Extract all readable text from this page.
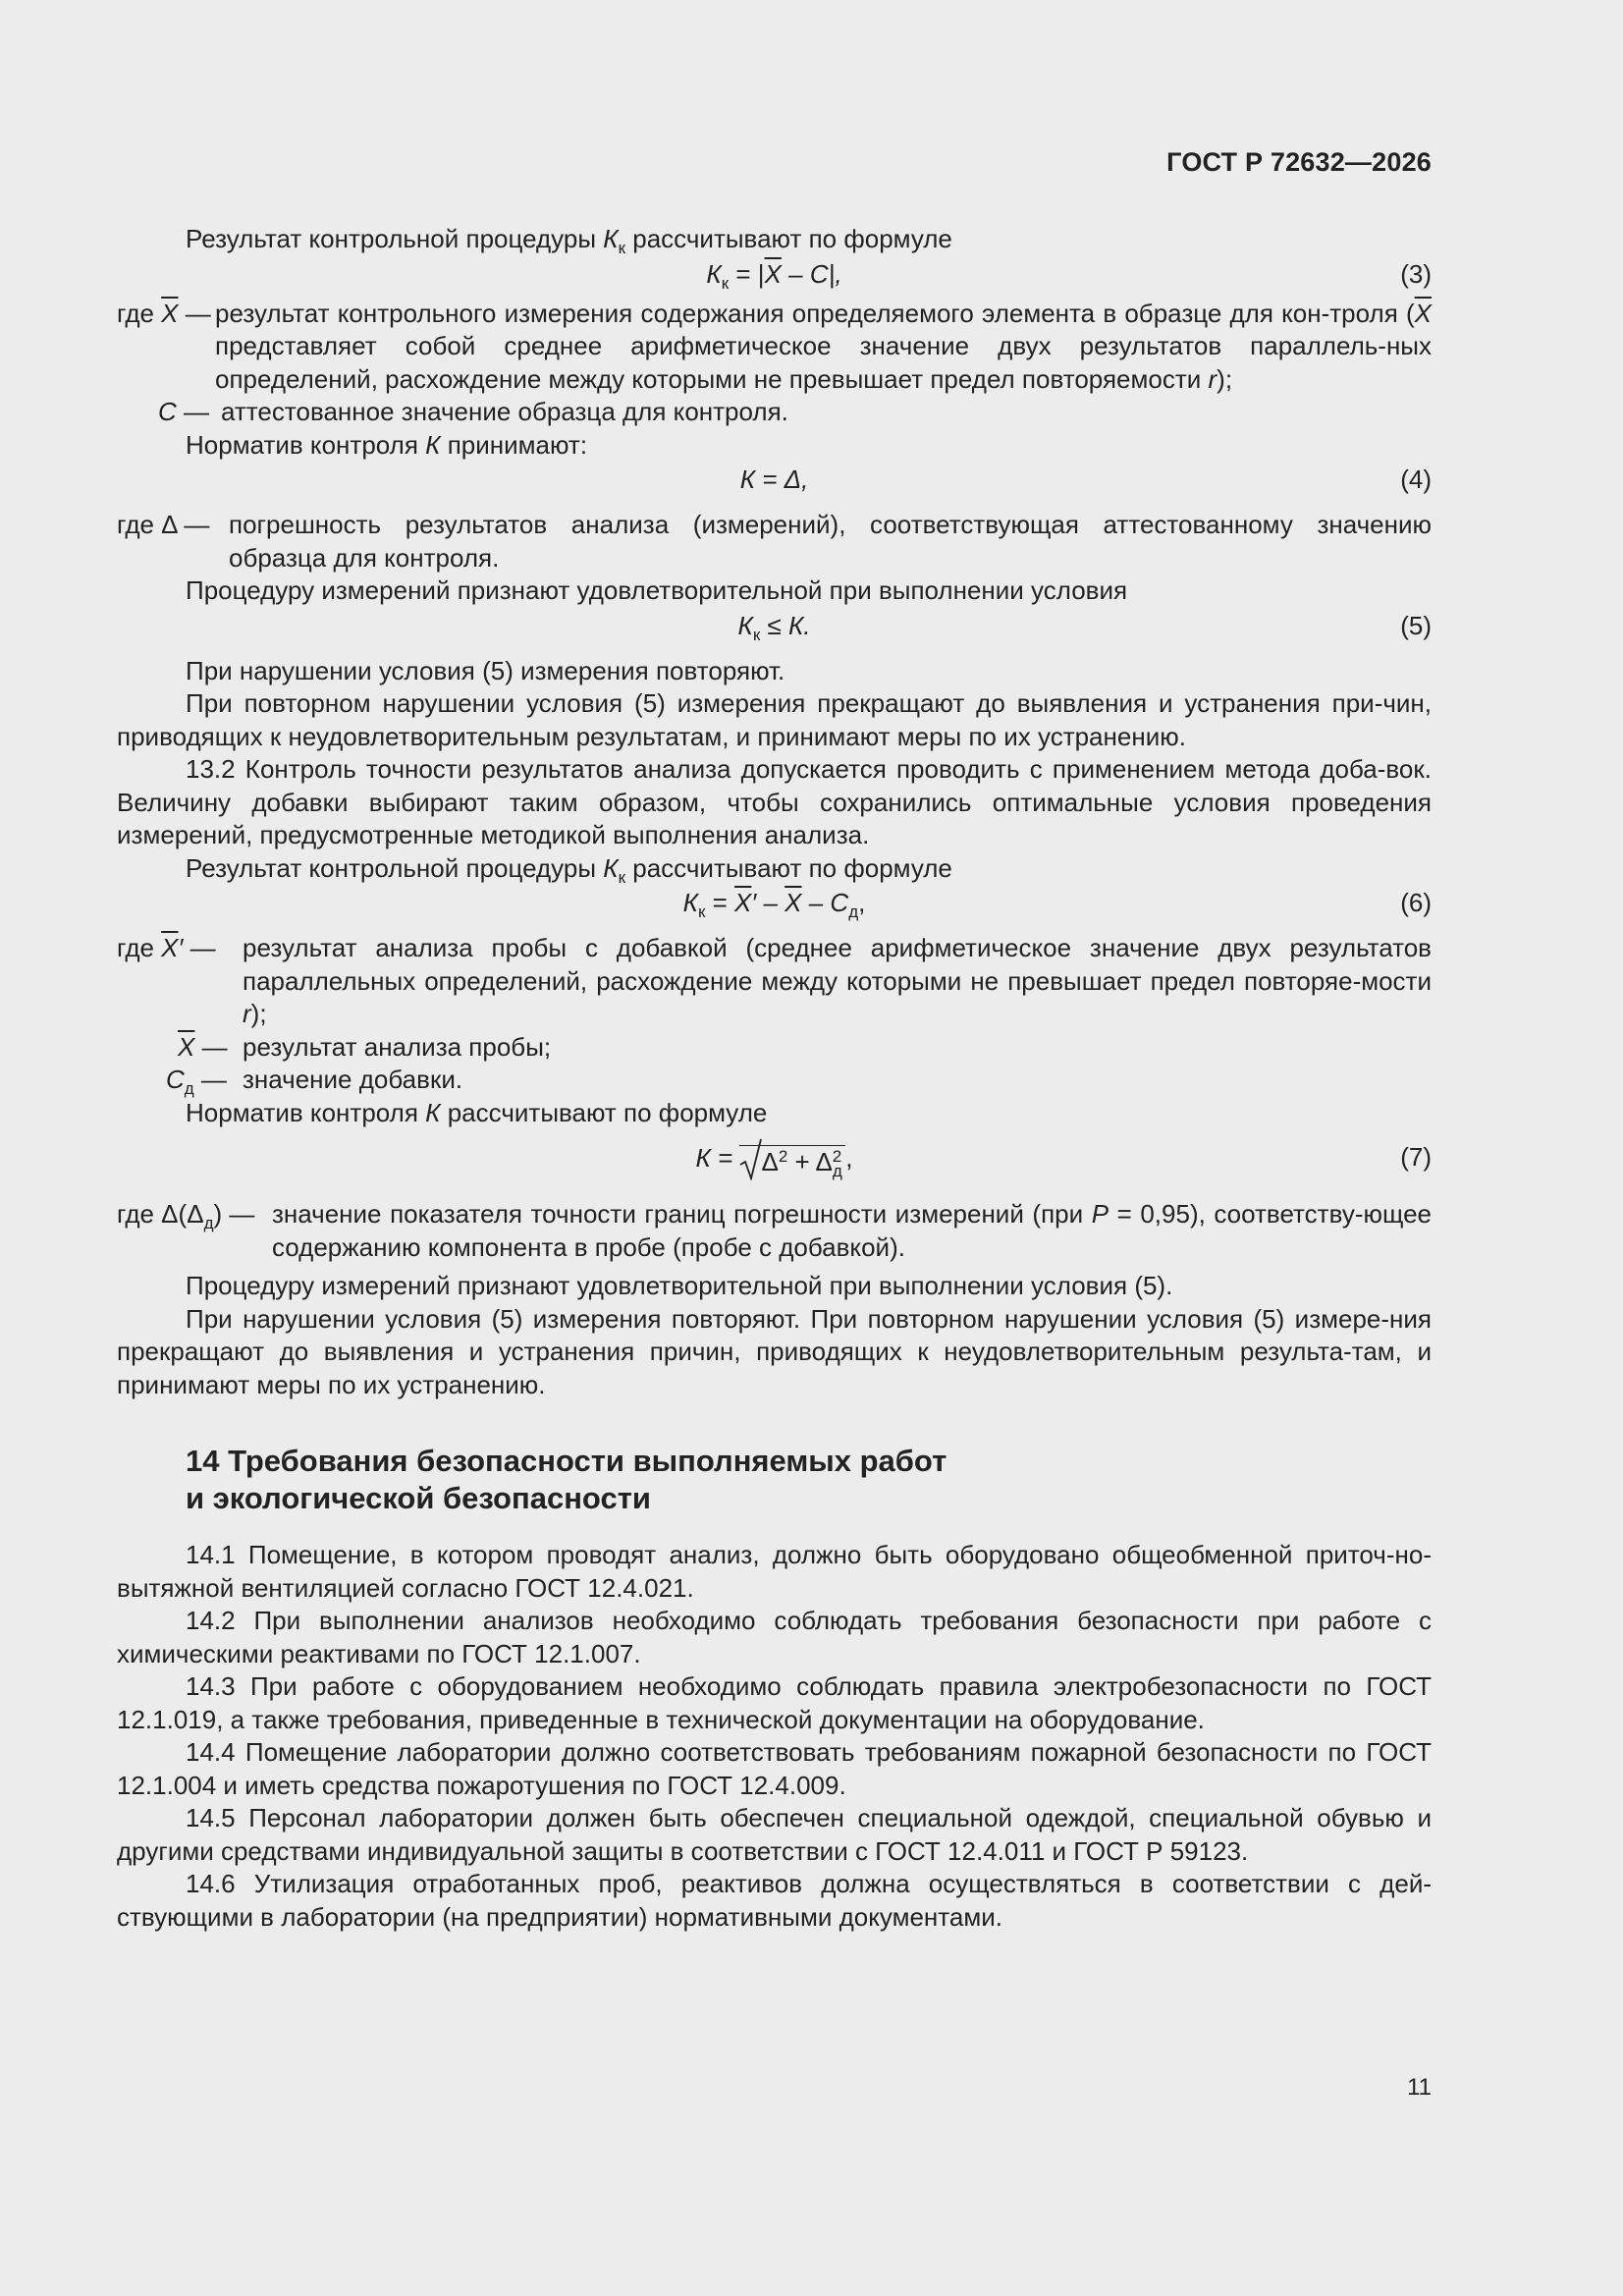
ГОСТ Р 72632—2026

Результат контрольной процедуры $К_к$ рассчитывают по формуле

$К_к = |\overline{X} - C|$,	(3)
где $\overline{X}$ — результат контрольного измерения содержания определяемого элемента в образце для кон-троля ($\overline{X}$ представляет собой среднее арифметическое значение двух результатов параллель-ных определений, расхождение между которыми не превышает предел повторяемости r);
C — аттестованное значение образца для контроля.

Норматив контроля К принимают:

К = Δ,	(4)
где Δ — погрешность результатов анализа (измерений), соответствующая аттестованному значению образца для контроля.

Процедуру измерений признают удовлетворительной при выполнении условия

$К_к \le К$.	(5)

При нарушении условия (5) измерения повторяют.

При повторном нарушении условия (5) измерения прекращают до выявления и устранения при-чин, приводящих к неудовлетворительным результатам, и принимают меры по их устранению.

13.2 Контроль точности результатов анализа допускается проводить с применением метода доба-вок. Величину добавки выбирают таким образом, чтобы сохранились оптимальные условия проведения измерений, предусмотренные методикой выполнения анализа.

Результат контрольной процедуры $К_к$ рассчитывают по формуле

$К_к = \overline{X}' - \overline{X} - C_д$,	(6)
где $\overline{X}'$ — результат анализа пробы с добавкой (среднее арифметическое значение двух результатов параллельных определений, расхождение между которыми не превышает предел повторяе-мости r);
$\overline{X}$ — результат анализа пробы;
$C_д$ — значение добавки.

Норматив контроля К рассчитывают по формуле

К =
$\Delta^2 + \Delta_д^2$ ,	(7)
где $\Delta(\Delta_д)$ — значение показателя точности границ погрешности измерений (при P = 0,95), соответству-ющее содержанию компонента в пробе (пробе с добавкой).

Процедуру измерений признают удовлетворительной при выполнении условия (5).

При нарушении условия (5) измерения повторяют. При повторном нарушении условия (5) измере-ния прекращают до выявления и устранения причин, приводящих к неудовлетворительным результа-там, и принимают меры по их устранению.

14 Требования безопасности выполняемых работ
и экологической безопасности

14.1 Помещение, в котором проводят анализ, должно быть оборудовано общеобменной приточ-но-вытяжной вентиляцией согласно ГОСТ 12.4.021.

14.2 При выполнении анализов необходимо соблюдать требования безопасности при работе с химическими реактивами по ГОСТ 12.1.007.

14.3 При работе с оборудованием необходимо соблюдать правила электробезопасности по ГОСТ 12.1.019, а также требования, приведенные в технической документации на оборудование.

14.4 Помещение лаборатории должно соответствовать требованиям пожарной безопасности по ГОСТ 12.1.004 и иметь средства пожаротушения по ГОСТ 12.4.009.

14.5 Персонал лаборатории должен быть обеспечен специальной одеждой, специальной обувью и другими средствами индивидуальной защиты в соответствии с ГОСТ 12.4.011 и ГОСТ Р 59123.

14.6 Утилизация отработанных проб, реактивов должна осуществляться в соответствии с дей-ствующими в лаборатории (на предприятии) нормативными документами.

11
